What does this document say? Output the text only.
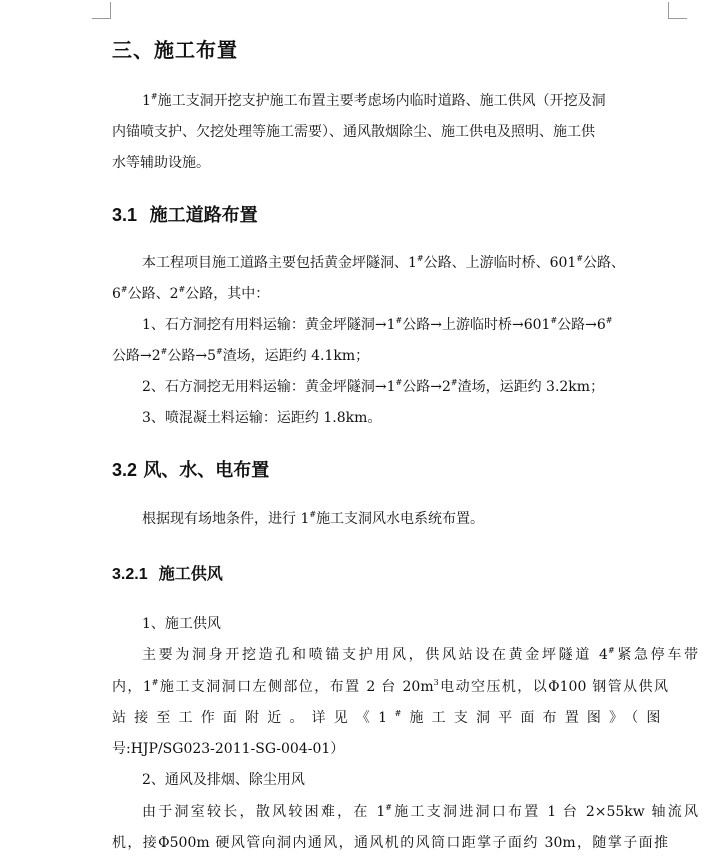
三、施工布置
1#施工支洞开挖支护施工布置主要考虑场内临时道路、施工供风（开挖及洞
内锚喷支护、欠挖处理等施工需要）、通风散烟除尘、施工供电及照明、施工供
水等辅助设施。
3.1 施工道路布置
本工程项目施工道路主要包括黄金坪隧洞、1#公路、上游临时桥、601#公路、
6#公路、2#公路，其中：
1、石方洞挖有用料运输：黄金坪隧洞→1#公路→上游临时桥→601#公路→6#
公路→2#公路→5#渣场，运距约 4.1km；
2、石方洞挖无用料运输：黄金坪隧洞→1#公路→2#渣场，运距约 3.2km；
3、喷混凝土料运输：运距约 1.8km。
3.2 风、水、电布置
根据现有场地条件，进行 1#施工支洞风水电系统布置。
3.2.1 施工供风
1、施工供风
主要为洞身开挖造孔和喷锚支护用风，供风站设在黄金坪隧道 4#紧急停车带
内，1#施工支洞洞口左侧部位，布置 2 台 $20m^3$电动空压机，以Φ100 钢管从供风
站接至工作面附近。详见《1#施工支洞平面布置图》（图
号:HJP/SG023-2011-SG-004-01）
2、通风及排烟、除尘用风
由于洞室较长，散风较困难，在 1#施工支洞进洞口布置 1 台 2×55kw 轴流风
机，接Φ500m 硬风管向洞内通风，通风机的风筒口距掌子面约 30m，随掌子面推
